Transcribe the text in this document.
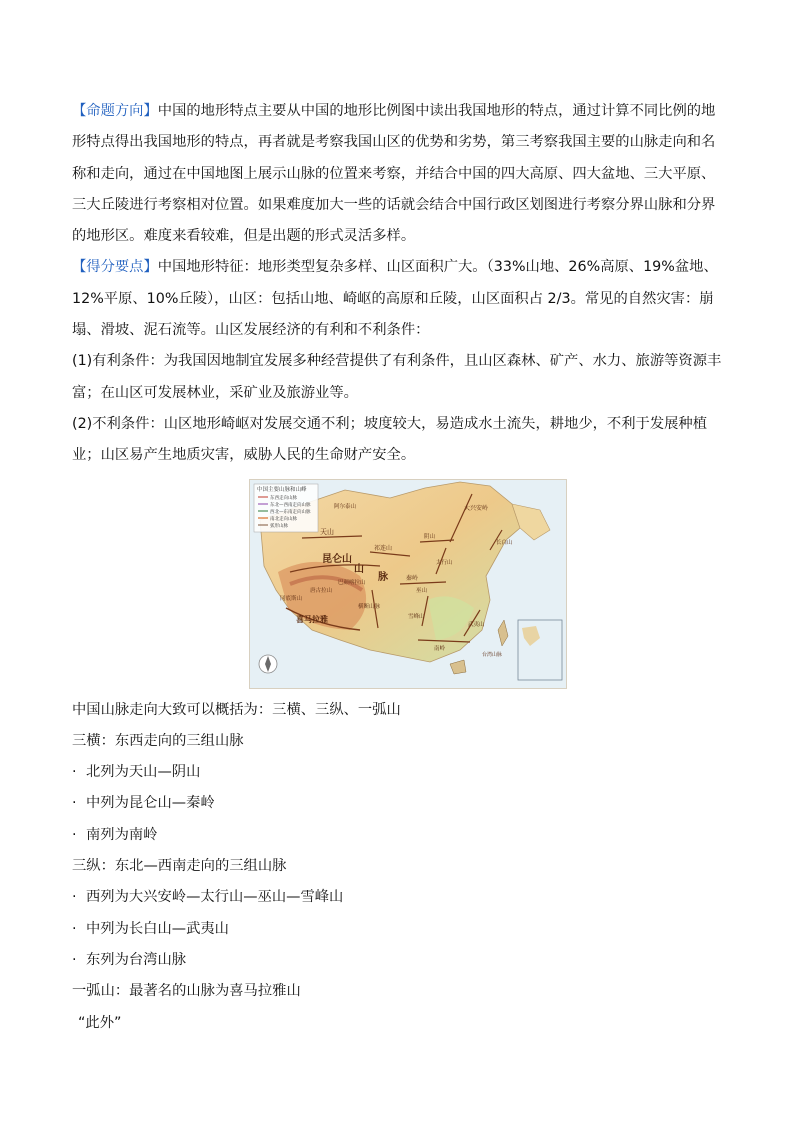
【命题方向】中国的地形特点主要从中国的地形比例图中读出我国地形的特点，通过计算不同比例的地形特点得出我国地形的特点，再者就是考察我国山区的优势和劣势，第三考察我国主要的山脉走向和名称和走向，通过在中国地图上展示山脉的位置来考察，并结合中国的四大高原、四大盆地、三大平原、三大丘陵进行考察相对位置。如果难度加大一些的话就会结合中国行政区划图进行考察分界山脉和分界的地形区。难度来看较难，但是出题的形式灵活多样。

【得分要点】中国地形特征：地形类型复杂多样、山区面积广大。（33%山地、26%高原、19%盆地、12%平原、10%丘陵），山区：包括山地、崎岖的高原和丘陵，山区面积占 2/3。常见的自然灾害：崩塌、滑坡、泥石流等。山区发展经济的有利和不利条件：

(1)有利条件：为我国因地制宜发展多种经营提供了有利条件，且山区森林、矿产、水力、旅游等资源丰富；在山区可发展林业，采矿业及旅游业等。

(2)不利条件：山区地形崎岖对发展交通不利；坡度较大，易造成水土流失，耕地少，不利于发展种植业；山区易产生地质灾害，威胁人民的生命财产安全。

中国主要山脉和山峰
东西走向山脉
东北—西南走向山脉
西北—东南走向山脉
南北走向山脉
弧形山脉
天山
昆仑山
山
脉
祁连山
秦岭
喜马拉雅
横断山脉
大兴安岭
长白山
阴山
太行山
巫山
雪峰山
南岭
武夷山
台湾山脉
唐古拉山
冈底斯山
巴颜喀拉山
阿尔泰山

中国山脉走向大致可以概括为：三横、三纵、一弧山

三横：东西走向的三组山脉

· 北列为天山—阴山

· 中列为昆仑山—秦岭

· 南列为南岭

三纵：东北—西南走向的三组山脉

· 西列为大兴安岭—太行山—巫山—雪峰山

· 中列为长白山—武夷山

· 东列为台湾山脉

一弧山：最著名的山脉为喜马拉雅山

“此外”
